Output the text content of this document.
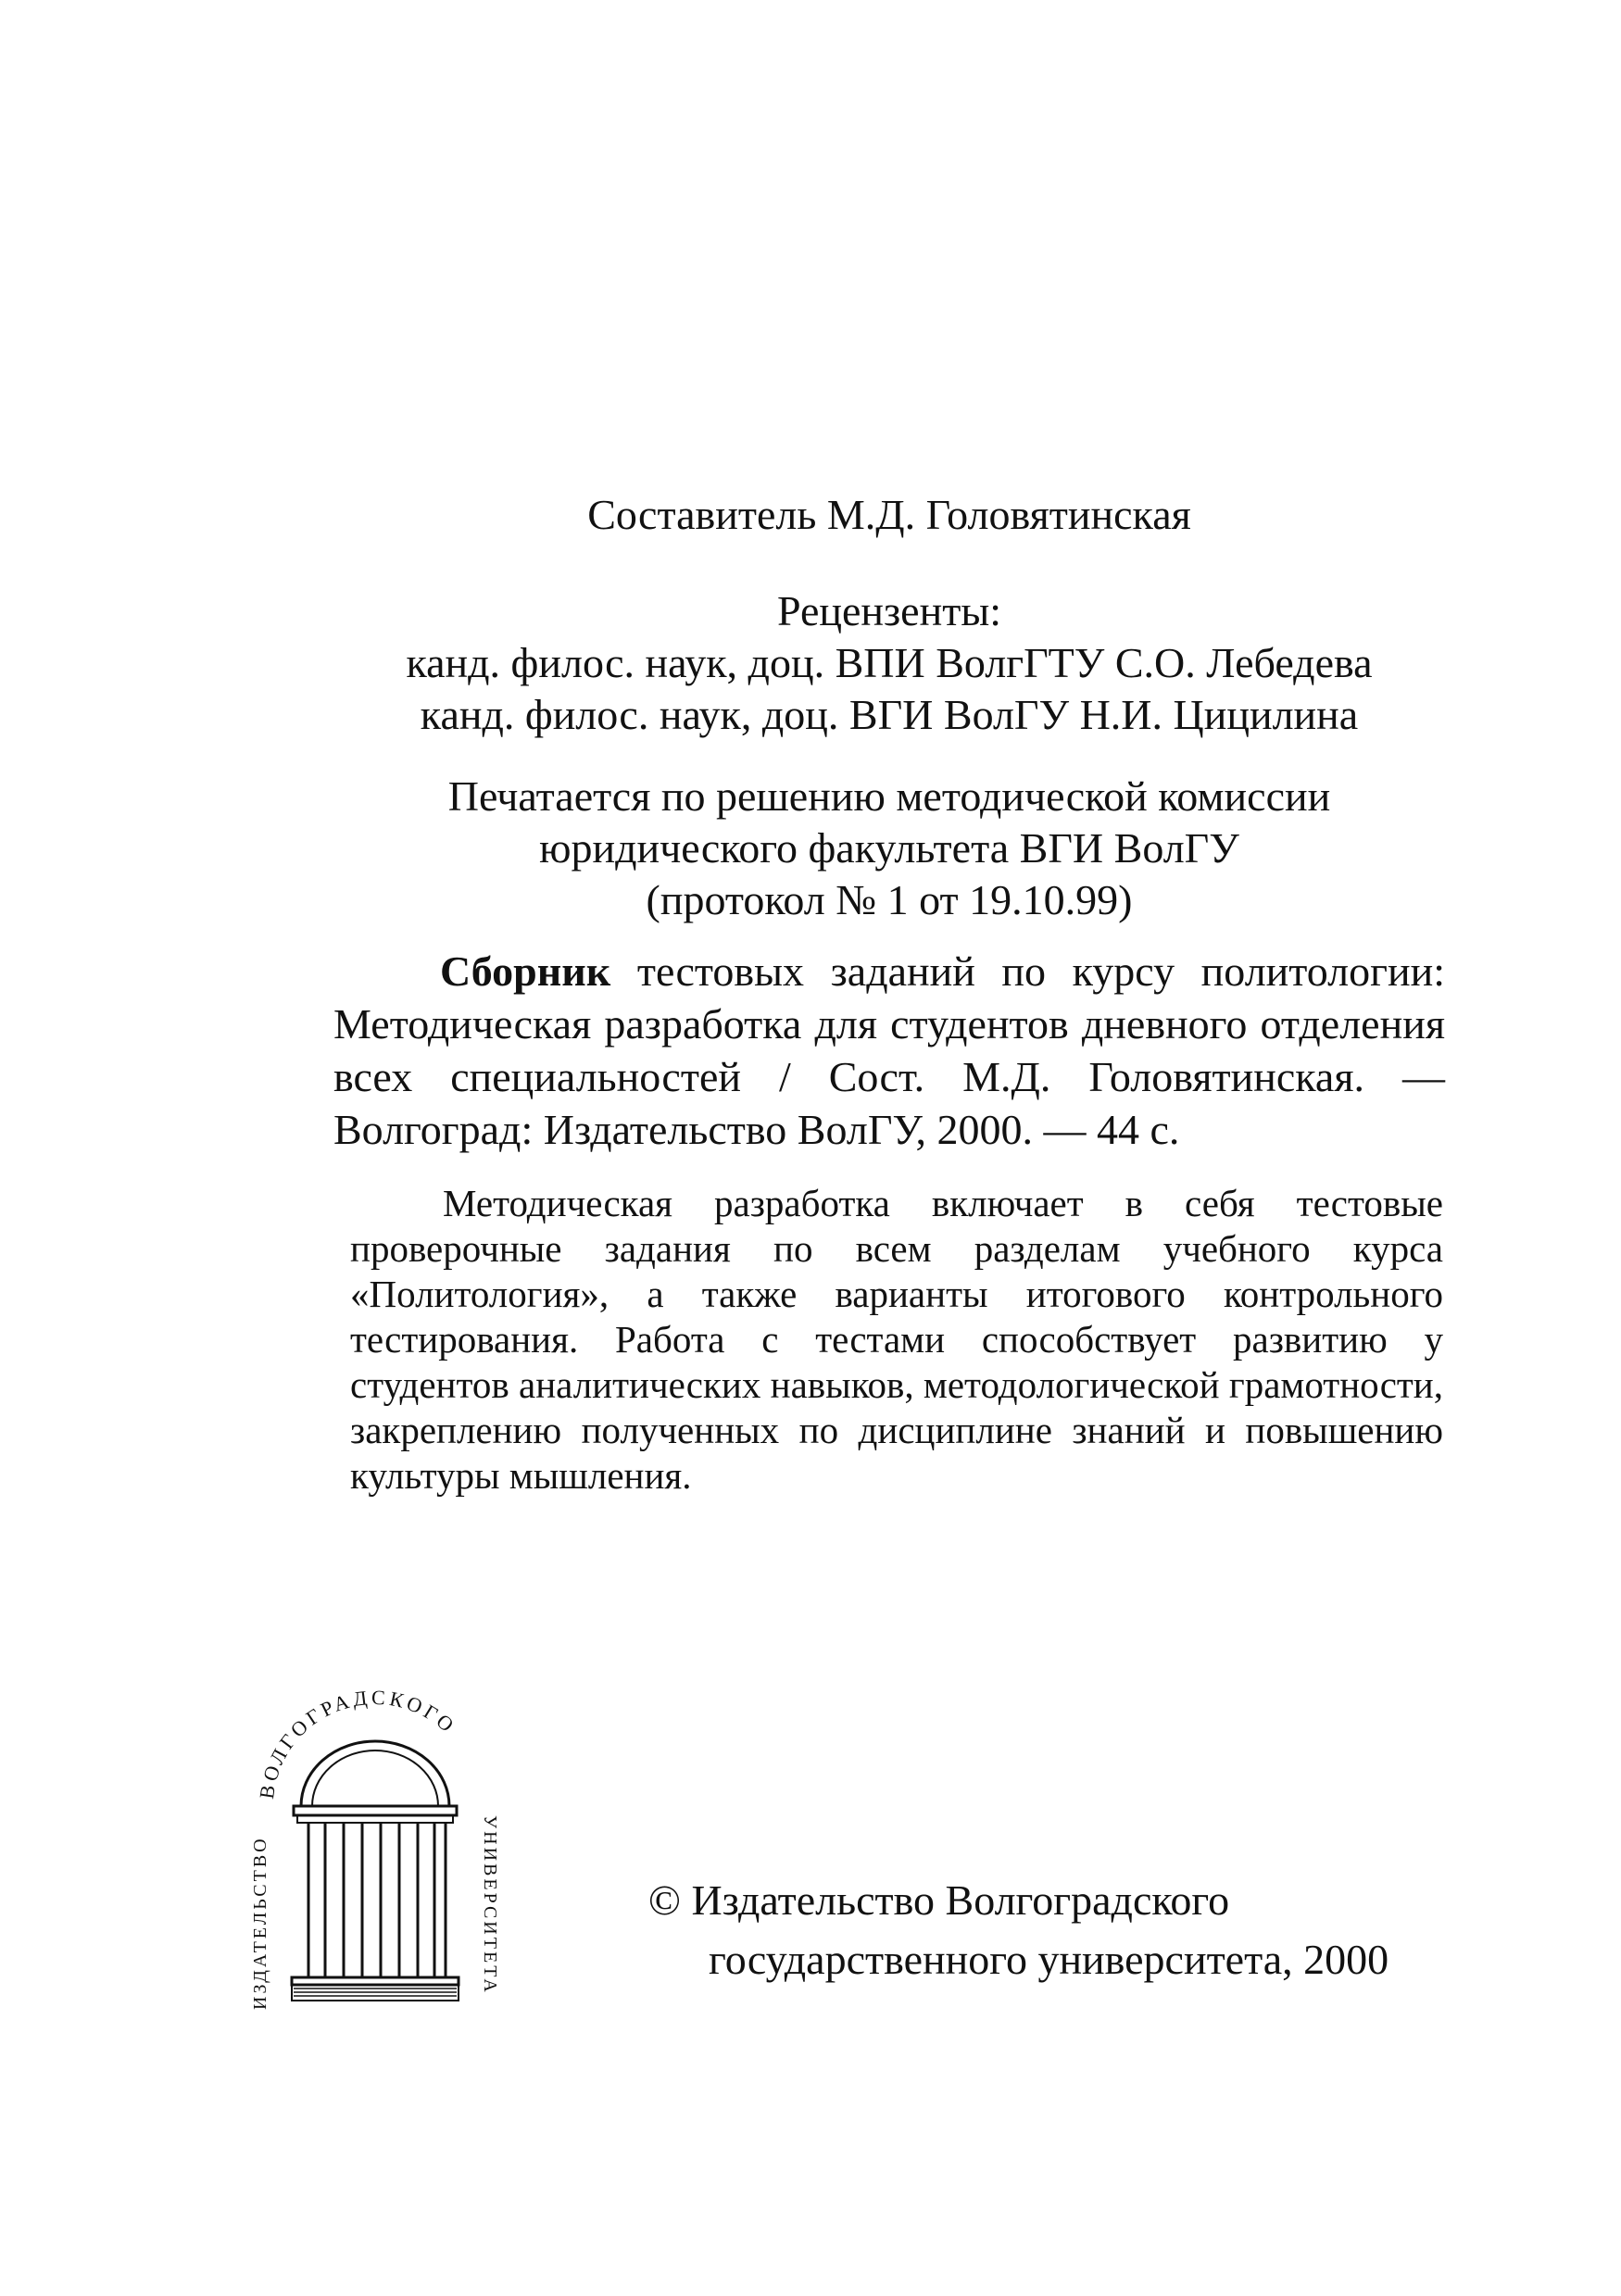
Составитель М.Д. Головятинская
Рецензенты:
канд. филос. наук, доц. ВПИ ВолгГТУ С.О. Лебедева
канд. филос. наук, доц. ВГИ ВолГУ Н.И. Цицилина
Печатается по решению методической комиссии
юридического факультета ВГИ ВолГУ
(протокол № 1 от 19.10.99)
Сборник тестовых заданий по курсу политологии: Методическая разработка для студентов дневного отделения всех специальностей / Сост. М.Д. Головятинская. — Волгоград: Издательство ВолГУ, 2000. — 44 с.
Методическая разработка включает в себя тестовые проверочные задания по всем разделам учебного курса «Политология», а также варианты итогового контрольного тестирования. Работа с тестами способствует развитию у студентов аналитических навыков, методологической грамотности, закреплению полученных по дисциплине знаний и повышению культуры мышления.
ВОЛГОГРАДСКОГО
ИЗДАТЕЛЬСТВО	УНИВЕРСИТЕТА	© Издательство Волгоградского
государственного университета, 2000
